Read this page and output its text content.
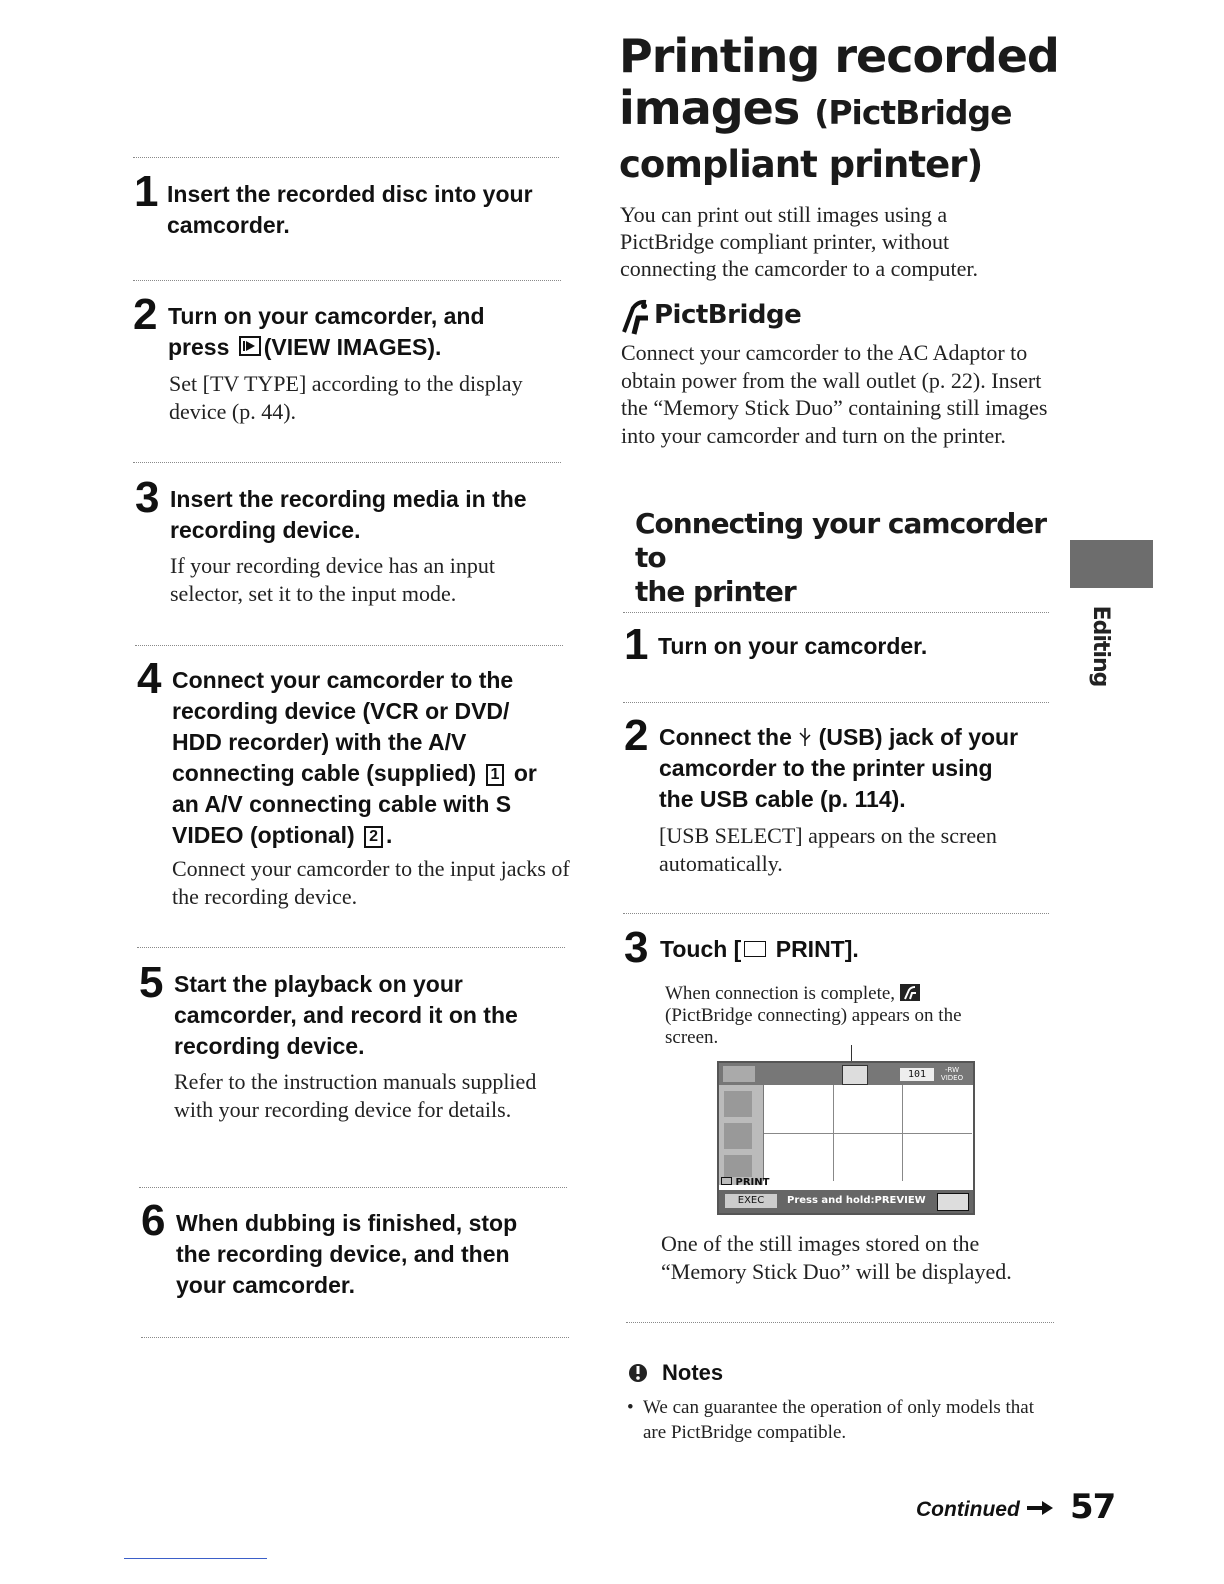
1 Insert the recorded disc into your
camcorder.
2 Turn on your camcorder, and
press (VIEW IMAGES).
Set [TV TYPE] according to the display device (p. 44).
3 Insert the recording media in the
recording device.
If your recording device has an input selector, set it to the input mode.
4 Connect your camcorder to the
recording device (VCR or DVD/
HDD recorder) with the A/V
connecting cable (supplied) 1 or
an A/V connecting cable with S
VIDEO (optional) 2 .
Connect your camcorder to the input jacks of the recording device.
5 Start the playback on your
camcorder, and record it on the
recording device.
Refer to the instruction manuals supplied with your recording device for details.
6 When dubbing is finished, stop
the recording device, and then
your camcorder.
Printing recorded
images (PictBridge
compliant printer)
You can print out still images using a PictBridge compliant printer, without connecting the camcorder to a computer.
PictBridge
Connect your camcorder to the AC Adaptor to obtain power from the wall outlet (p. 22). Insert the “Memory Stick Duo” containing still images into your camcorder and turn on the printer.
Connecting your camcorder to
the printer
1 Turn on your camcorder.
2 Connect the (USB) jack of your
camcorder to the printer using
the USB cable (p. 114).
[USB SELECT] appears on the screen automatically.
3 Touch [ PRINT].
When connection is complete,
(PictBridge connecting) appears on the screen.
101	-RW VIDEO
PRINT
EXEC	Press and hold:PREVIEW
One of the still images stored on the “Memory Stick Duo” will be displayed.
Notes
• We can guarantee the operation of only models that are PictBridge compatible.
Editing
Continued	57
